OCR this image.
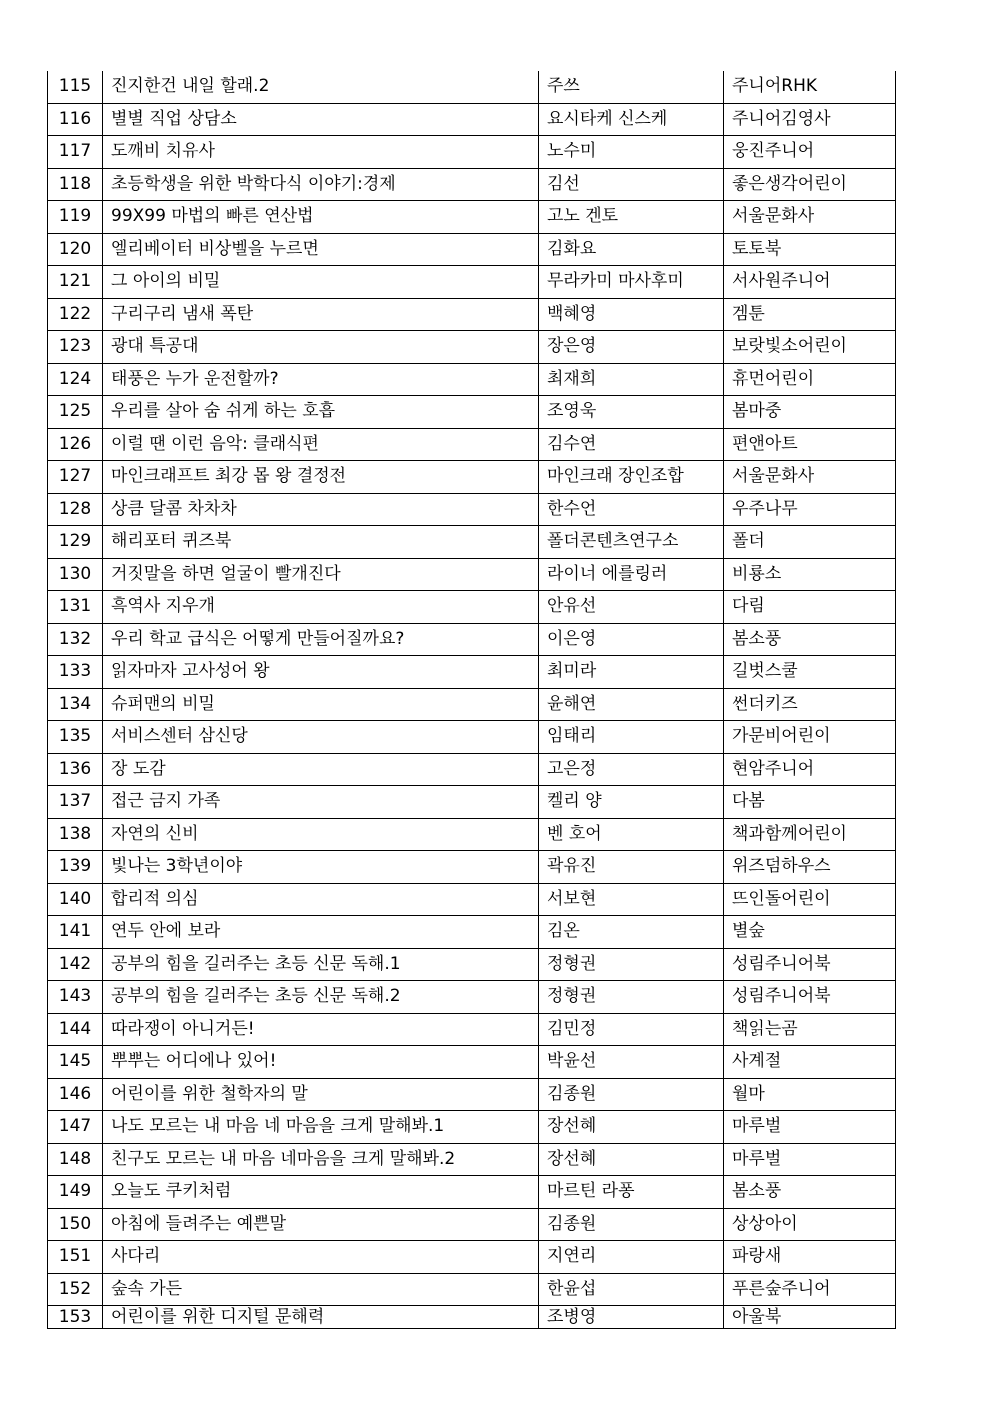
115	진지한건 내일 할래.2	주쓰	주니어RHK
116	별별 직업 상담소	요시타케 신스케	주니어김영사
117	도깨비 치유사	노수미	웅진주니어
118	초등학생을 위한 박학다식 이야기:경제	김선	좋은생각어린이
119	99X99 마법의 빠른 연산법	고노 겐토	서울문화사
120	엘리베이터 비상벨을 누르면	김화요	토토북
121	그 아이의 비밀	무라카미 마사후미	서사원주니어
122	구리구리 냄새 폭탄	백혜영	겜툰
123	광대 특공대	장은영	보랏빛소어린이
124	태풍은 누가 운전할까?	최재희	휴먼어린이
125	우리를 살아 숨 쉬게 하는 호흡	조영욱	봄마중
126	이럴 땐 이런 음악: 클래식편	김수연	편앤아트
127	마인크래프트 최강 몹 왕 결정전	마인크래 장인조합	서울문화사
128	상큼 달콤 차차차	한수언	우주나무
129	해리포터 퀴즈북	폴더콘텐츠연구소	폴더
130	거짓말을 하면 얼굴이 빨개진다	라이너 에를링러	비룡소
131	흑역사 지우개	안유선	다림
132	우리 학교 급식은 어떻게 만들어질까요?	이은영	봄소풍
133	읽자마자 고사성어 왕	최미라	길벗스쿨
134	슈퍼맨의 비밀	윤해연	썬더키즈
135	서비스센터 삼신당	임태리	가문비어린이
136	장 도감	고은정	현암주니어
137	접근 금지 가족	켈리 양	다봄
138	자연의 신비	벤 호어	책과함께어린이
139	빛나는 3학년이야	곽유진	위즈덤하우스
140	합리적 의심	서보현	뜨인돌어린이
141	연두 안에 보라	김온	별숲
142	공부의 힘을 길러주는 초등 신문 독해.1	정형권	성림주니어북
143	공부의 힘을 길러주는 초등 신문 독해.2	정형권	성림주니어북
144	따라쟁이 아니거든!	김민정	책읽는곰
145	뿌뿌는 어디에나 있어!	박윤선	사계절
146	어린이를 위한 철학자의 말	김종원	월마
147	나도 모르는 내 마음 네 마음을 크게 말해봐.1	장선혜	마루벌
148	친구도 모르는 내 마음 네마음을 크게 말해봐.2	장선혜	마루벌
149	오늘도 쿠키처럼	마르틴 라퐁	봄소풍
150	아침에 들려주는 예쁜말	김종원	상상아이
151	사다리	지연리	파랑새
152	숲속 가든	한윤섭	푸른숲주니어
153	어린이를 위한 디지털 문해력	조병영	아울북
